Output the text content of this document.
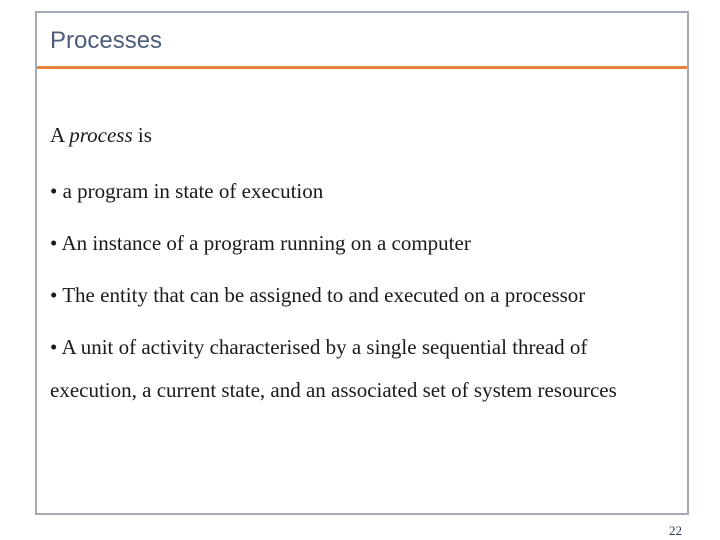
Processes

A process is

• a program in state of execution

• An instance of a program running on a computer

• The entity that can be assigned to and executed on a processor

• A unit of activity characterised by a single sequential thread of execution, a current state, and an associated set of system resources

22
